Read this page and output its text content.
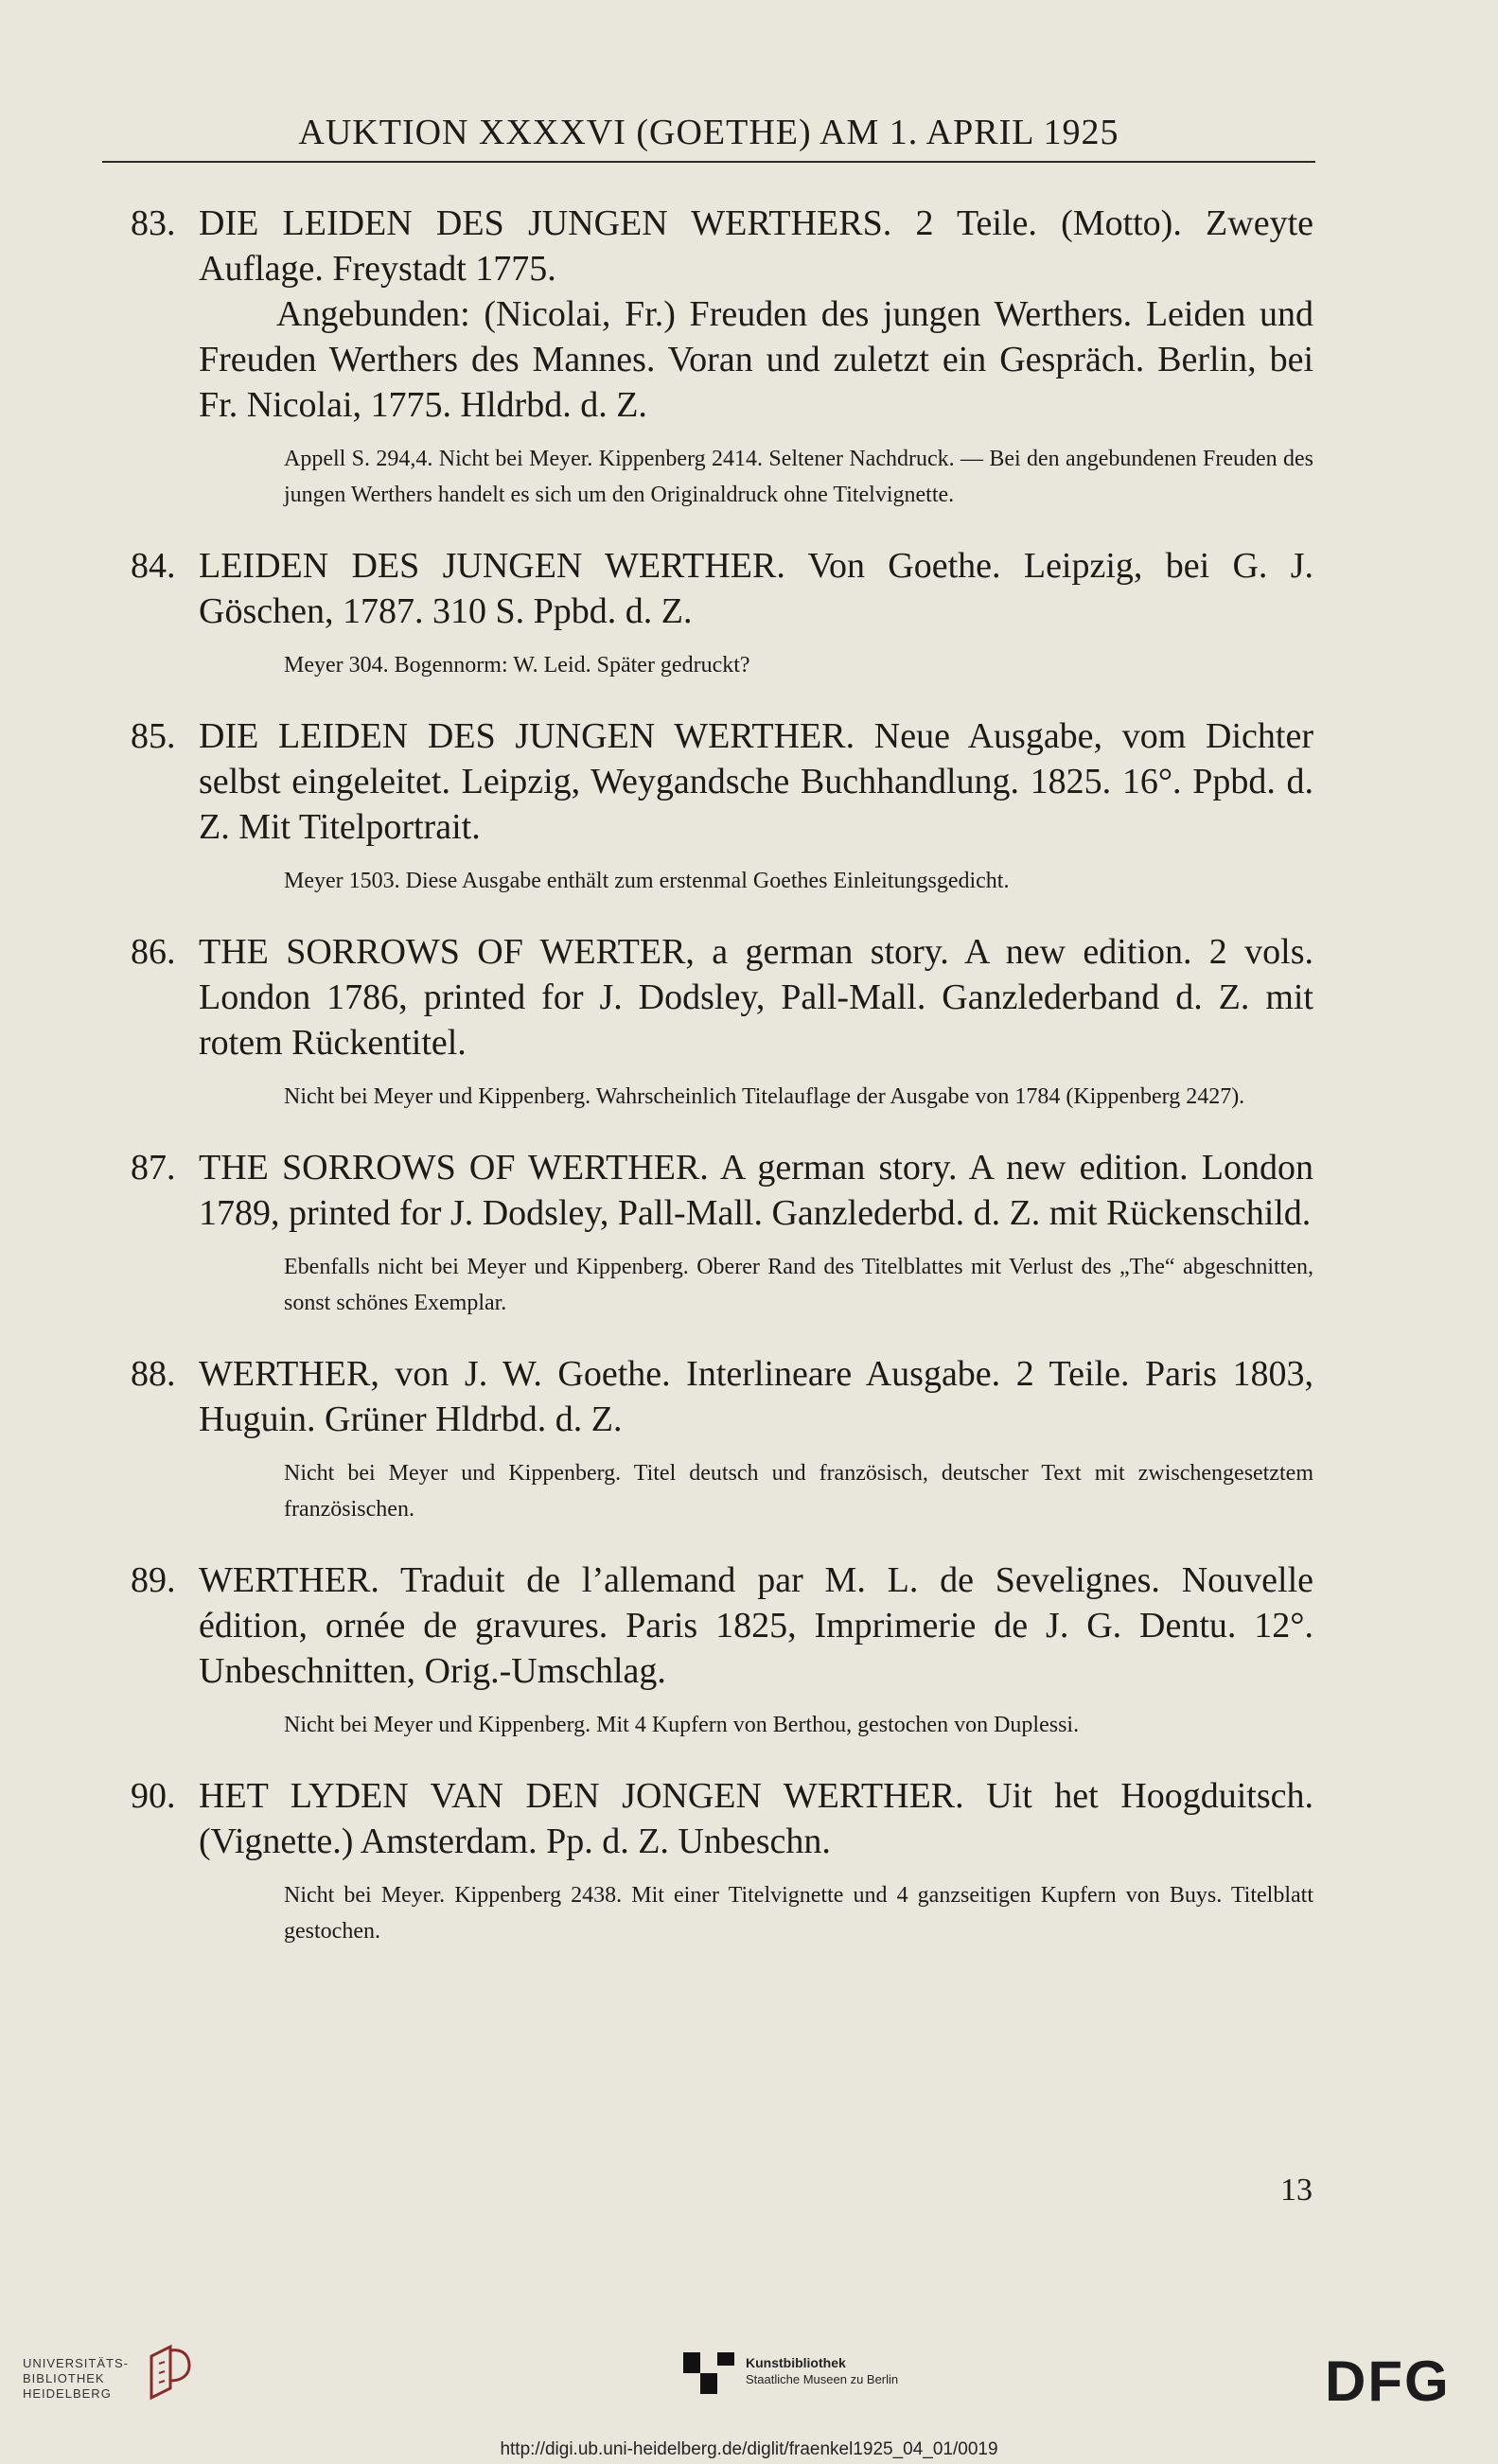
AUKTION XXXXVI (GOETHE) AM 1. APRIL 1925
83. DIE LEIDEN DES JUNGEN WERTHERS. 2 Teile. (Motto). Zweyte Auflage. Freystadt 1775.

Angebunden: (Nicolai, Fr.) Freuden des jungen Werthers. Leiden und Freuden Werthers des Mannes. Voran und zuletzt ein Gespräch. Berlin, bei Fr. Nicolai, 1775. Hldrbd. d. Z.

Appell S. 294,4. Nicht bei Meyer. Kippenberg 2414. Seltener Nachdruck. — Bei den angebundenen Freuden des jungen Werthers handelt es sich um den Originaldruck ohne Titelvignette.

84. LEIDEN DES JUNGEN WERTHER. Von Goethe. Leipzig, bei G. J. Göschen, 1787. 310 S. Ppbd. d. Z.

Meyer 304. Bogennorm: W. Leid. Später gedruckt?

85. DIE LEIDEN DES JUNGEN WERTHER. Neue Ausgabe, vom Dichter selbst eingeleitet. Leipzig, Weygandsche Buchhandlung. 1825. 16°. Ppbd. d. Z. Mit Titelportrait.

Meyer 1503. Diese Ausgabe enthält zum erstenmal Goethes Einleitungsgedicht.

86. THE SORROWS OF WERTER, a german story. A new edition. 2 vols. London 1786, printed for J. Dodsley, Pall-Mall. Ganzlederband d. Z. mit rotem Rückentitel.

Nicht bei Meyer und Kippenberg. Wahrscheinlich Titelauflage der Ausgabe von 1784 (Kippenberg 2427).

87. THE SORROWS OF WERTHER. A german story. A new edition. London 1789, printed for J. Dodsley, Pall-Mall. Ganzlederbd. d. Z. mit Rückenschild.

Ebenfalls nicht bei Meyer und Kippenberg. Oberer Rand des Titelblattes mit Verlust des „The“ abgeschnitten, sonst schönes Exemplar.

88. WERTHER, von J. W. Goethe. Interlineare Ausgabe. 2 Teile. Paris 1803, Huguin. Grüner Hldrbd. d. Z.

Nicht bei Meyer und Kippenberg. Titel deutsch und französisch, deutscher Text mit zwischengesetztem französischen.

89. WERTHER. Traduit de l’allemand par M. L. de Sevelignes. Nouvelle édition, ornée de gravures. Paris 1825, Imprimerie de J. G. Dentu. 12°. Unbeschnitten, Orig.-Umschlag.

Nicht bei Meyer und Kippenberg. Mit 4 Kupfern von Berthou, gestochen von Duplessi.

90. HET LYDEN VAN DEN JONGEN WERTHER. Uit het Hoogduitsch. (Vignette.) Amsterdam. Pp. d. Z. Unbeschn.

Nicht bei Meyer. Kippenberg 2438. Mit einer Titelvignette und 4 ganzseitigen Kupfern von Buys. Titelblatt gestochen.

13
UNIVERSITÄTS-BIBLIOTHEK HEIDELBERG
Kunstbibliothek
Staatliche Museen zu Berlin	DFG
http://digi.ub.uni-heidelberg.de/diglit/fraenkel1925_04_01/0019
